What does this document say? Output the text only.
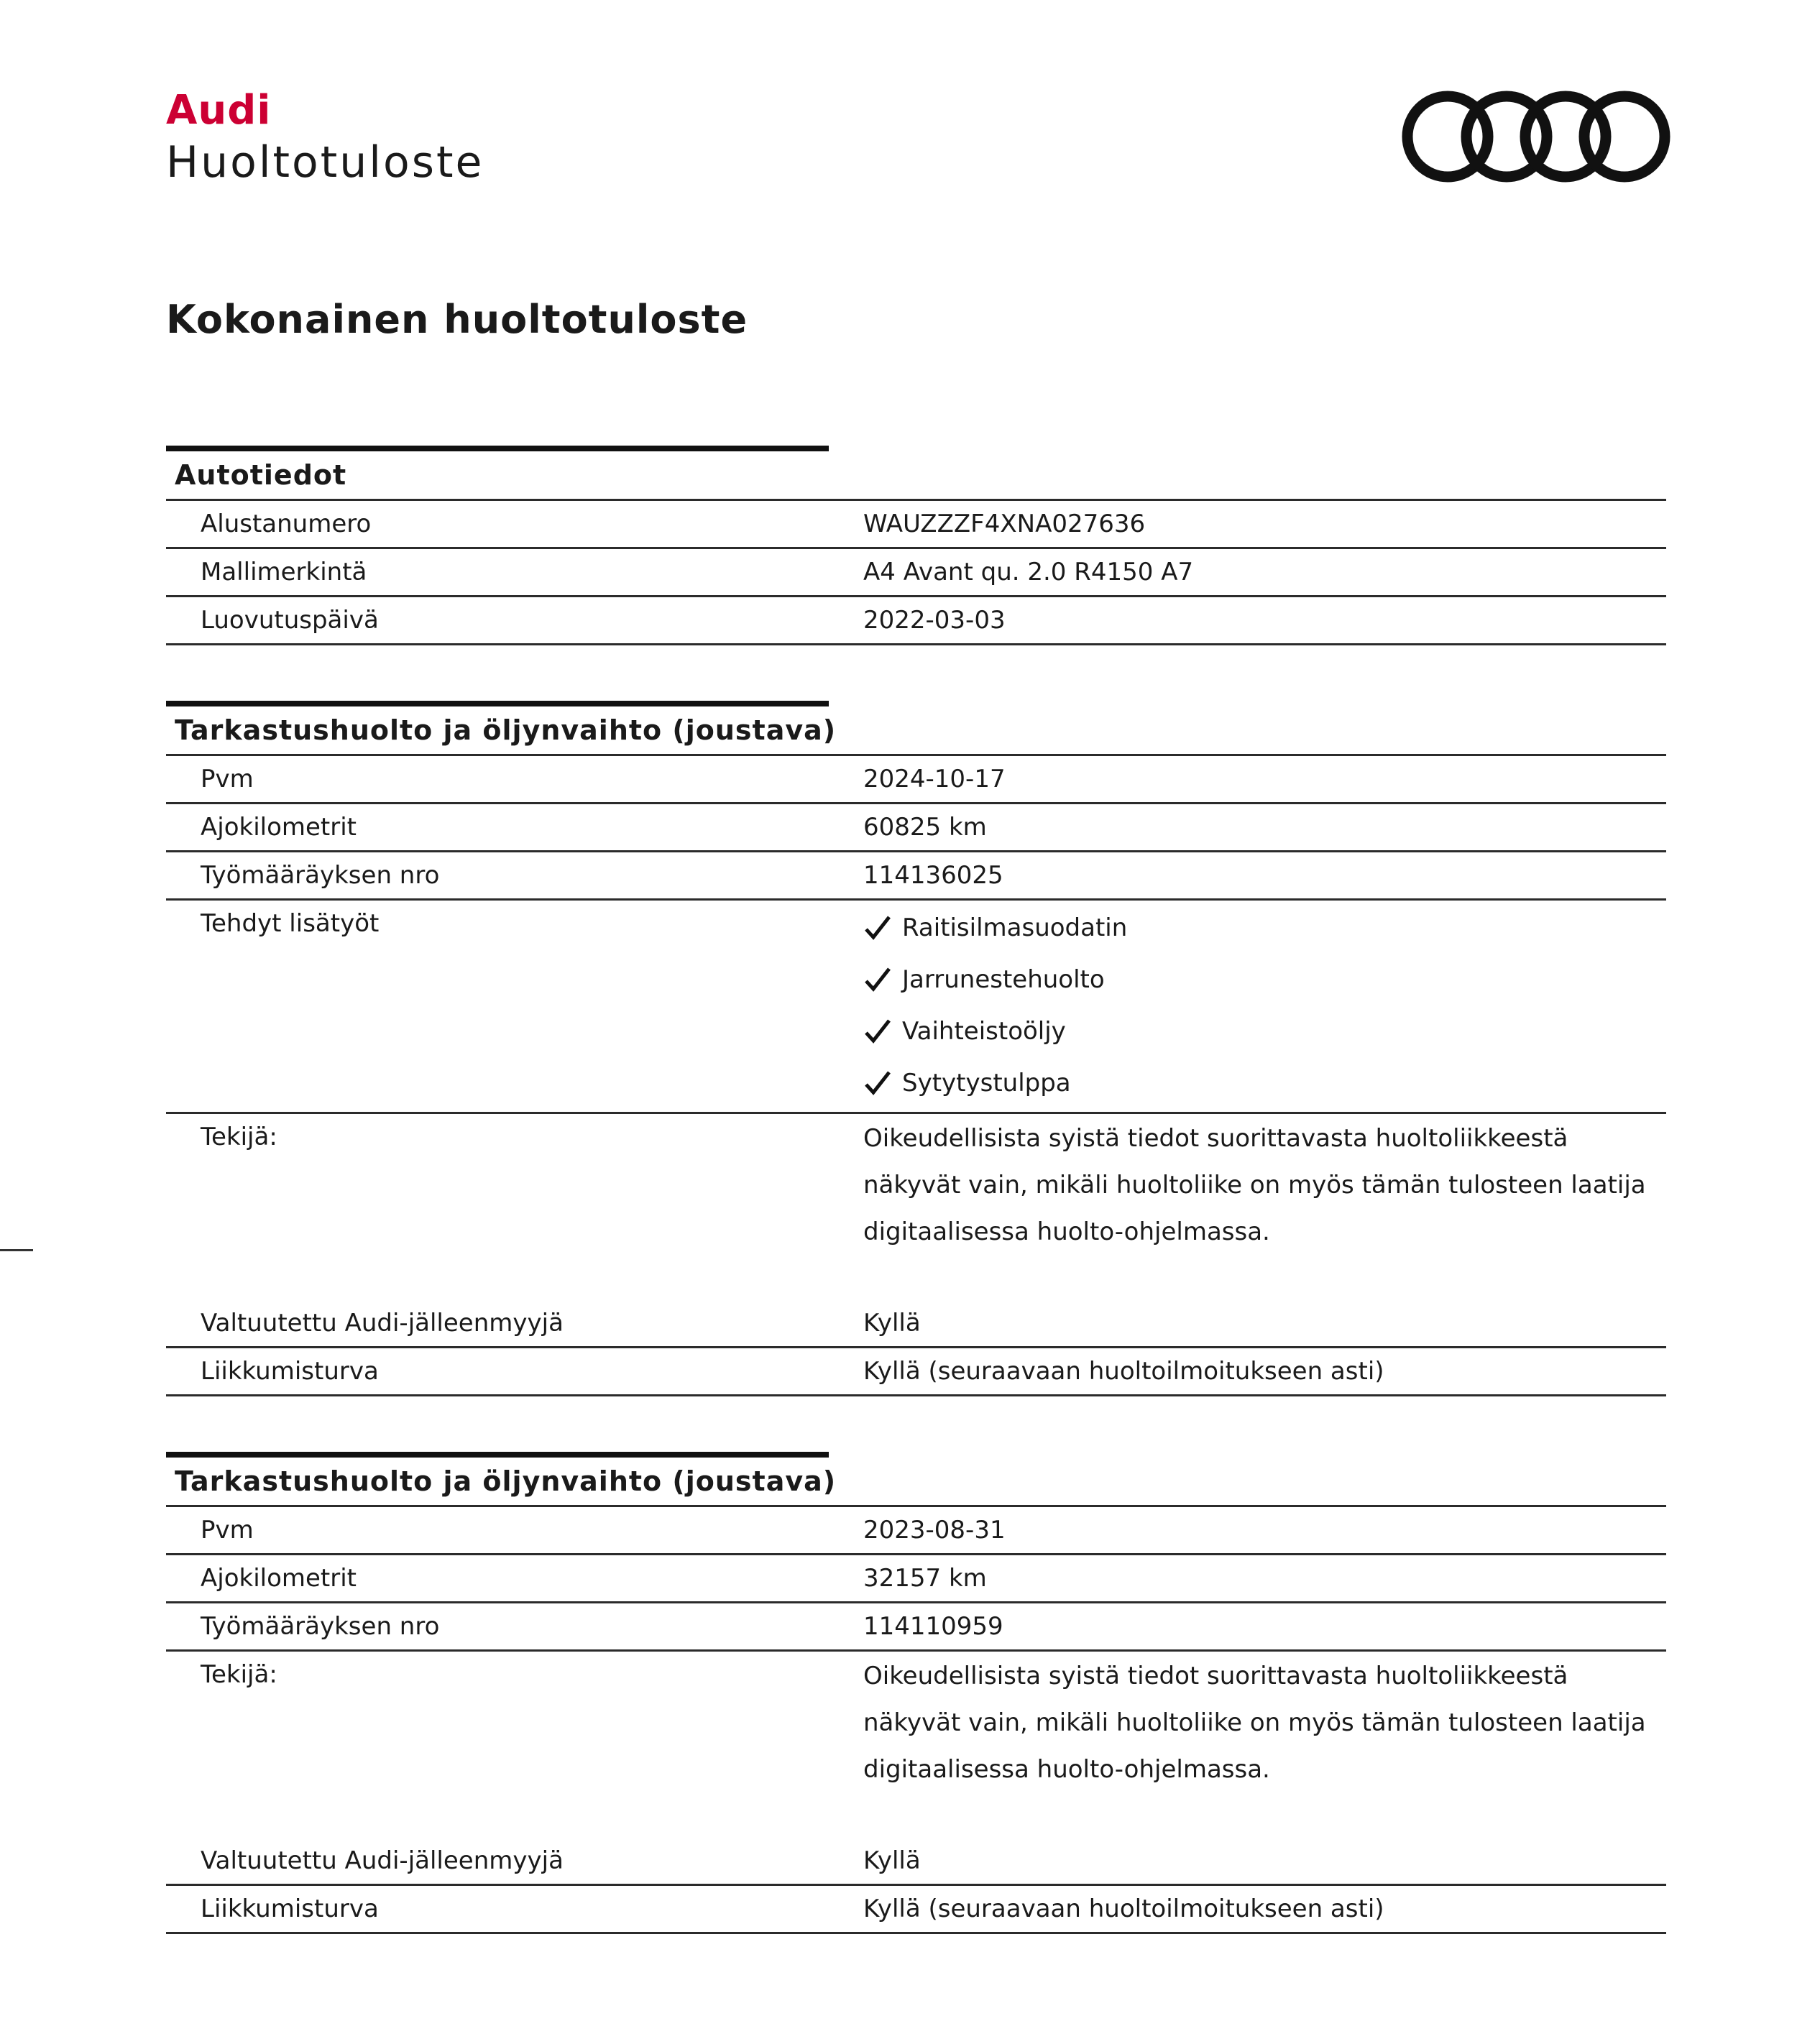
Audi
Huoltotuloste
Kokonainen huoltotuloste
Autotiedot
Alustanumero	WAUZZZF4XNA027636
Mallimerkintä	A4 Avant qu. 2.0 R4150 A7
Luovutuspäivä	2022-03-03
Tarkastushuolto ja öljynvaihto (joustava)
Pvm	2024-10-17
Ajokilometrit	60825 km
Työmääräyksen nro	114136025
Tehdyt lisätyöt	Raitisilmasuodatin
Jarrunestehuolto
Vaihteistoöljy
Sytytystulppa
Tekijä:	Oikeudellisista syistä tiedot suorittavasta huoltoliikkeestä näkyvät vain, mikäli huoltoliike on myös tämän tulosteen laatija digitaalisessa huolto-ohjelmassa.
Valtuutettu Audi-jälleenmyyjä	Kyllä
Liikkumisturva	Kyllä (seuraavaan huoltoilmoitukseen asti)
Tarkastushuolto ja öljynvaihto (joustava)
Pvm	2023-08-31
Ajokilometrit	32157 km
Työmääräyksen nro	114110959
Tekijä:	Oikeudellisista syistä tiedot suorittavasta huoltoliikkeestä näkyvät vain, mikäli huoltoliike on myös tämän tulosteen laatija digitaalisessa huolto-ohjelmassa.
Valtuutettu Audi-jälleenmyyjä	Kyllä
Liikkumisturva	Kyllä (seuraavaan huoltoilmoitukseen asti)
